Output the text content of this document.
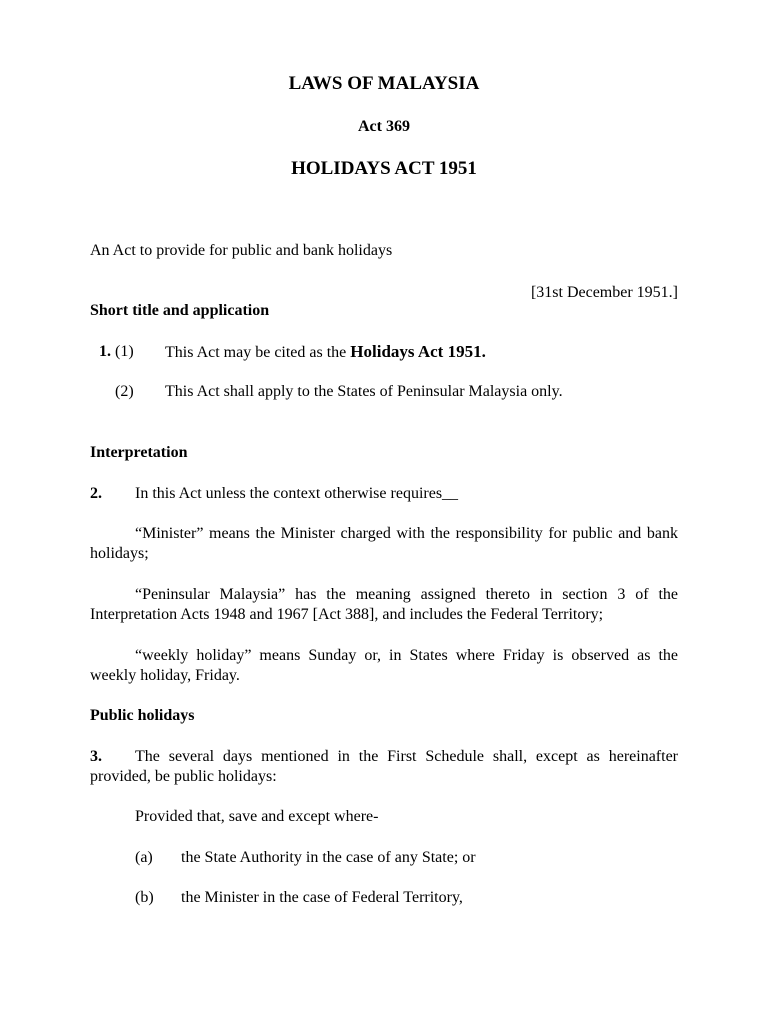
LAWS OF MALAYSIA
Act 369
HOLIDAYS ACT 1951
An Act to provide for public and bank holidays
[31st December 1951.]
Short title and application
1. (1) This Act may be cited as the Holidays Act 1951.
(2) This Act shall apply to the States of Peninsular Malaysia only.
Interpretation
2. In this Act unless the context otherwise requires__
“Minister” means the Minister charged with the responsibility for public and bank holidays;
“Peninsular Malaysia” has the meaning assigned thereto in section 3 of the Interpretation Acts 1948 and 1967 [Act 388], and includes the Federal Territory;
“weekly holiday” means Sunday or, in States where Friday is observed as the weekly holiday, Friday.
Public holidays
3.	The several days mentioned in the First Schedule shall, except as hereinafter provided, be public holidays:
Provided that, save and except where-
(a) the State Authority in the case of any State; or
(b) the Minister in the case of Federal Territory,
